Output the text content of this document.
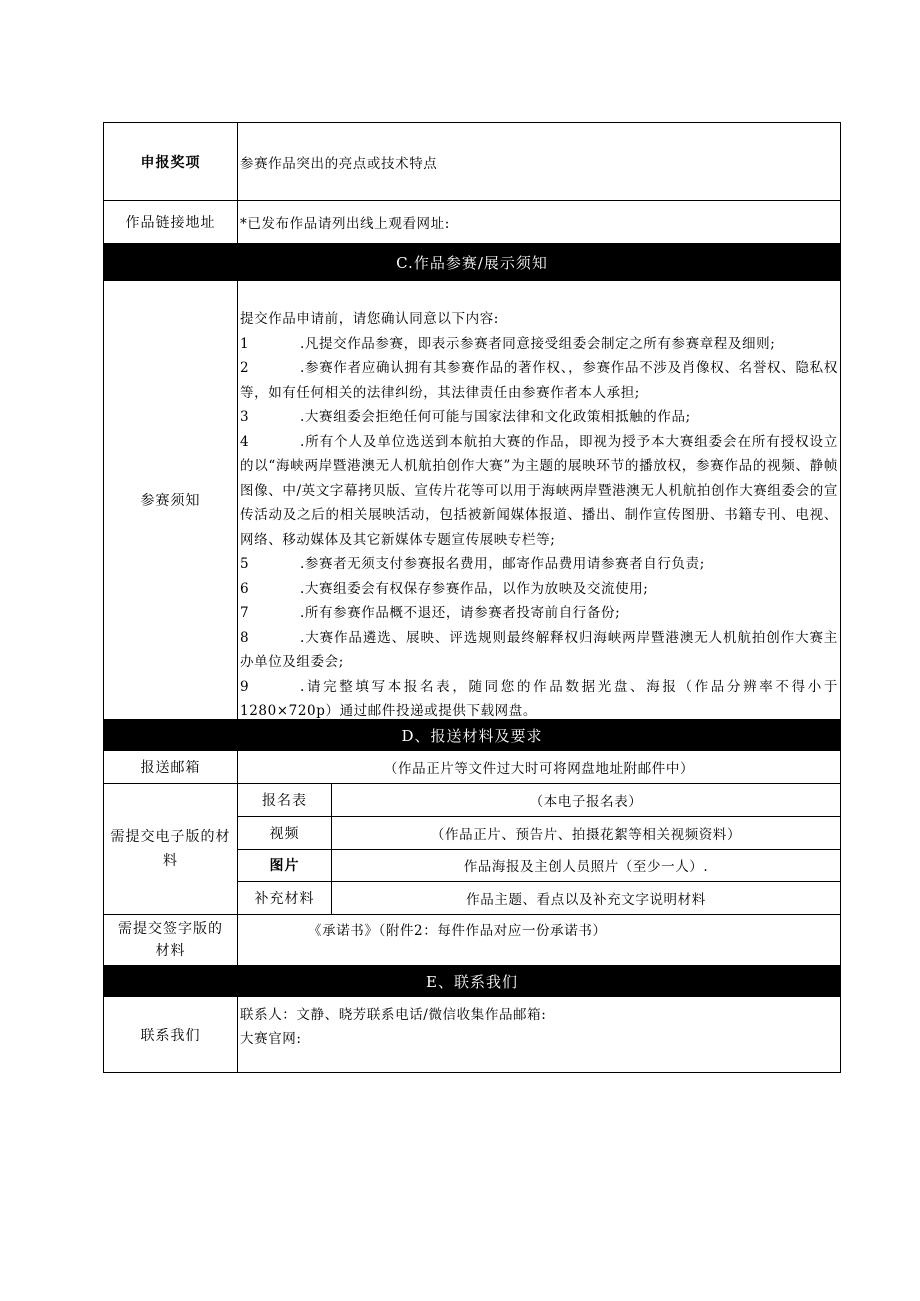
申报奖项	参赛作品突出的亮点或技术特点
作品链接地址	*已发布作品请列出线上观看网址:
C.作品参赛/展示须知
参赛须知

提交作品申请前，请您确认同意以下内容:

1	.凡提交作品参赛，即表示参赛者同意接受组委会制定之所有参赛章程及细则;

2	.参赛作者应确认拥有其参赛作品的著作权、，参赛作品不涉及肖像权、名誉权、隐私权等，如有任何相关的法律纠纷，其法律责任由参赛作者本人承担;

3	.大赛组委会拒绝任何可能与国家法律和文化政策相抵触的作品;

4	.所有个人及单位选送到本航拍大赛的作品，即视为授予本大赛组委会在所有授权设立的以“海峡两岸暨港澳无人机航拍创作大赛”为主题的展映环节的播放权，参赛作品的视频、静帧图像、中/英文字幕拷贝版、宣传片花等可以用于海峡两岸暨港澳无人机航拍创作大赛组委会的宣传活动及之后的相关展映活动，包括被新闻媒体报道、播出、制作宣传图册、书籍专刊、电视、网络、移动媒体及其它新媒体专题宣传展映专栏等;

5	.参赛者无须支付参赛报名费用，邮寄作品费用请参赛者自行负责;

6	.大赛组委会有权保存参赛作品，以作为放映及交流使用;

7	.所有参赛作品概不退还，请参赛者投寄前自行备份;

8	.大赛作品遴选、展映、评选规则最终解释权归海峡两岸暨港澳无人机航拍创作大赛主办单位及组委会;

9	.请完整填写本报名表，随同您的作品数据光盘、海报（作品分辨率不得小于1280×720p）通过邮件投递或提供下载网盘。

D、报送材料及要求
报送邮箱	（作品正片等文件过大时可将网盘地址附邮件中）
需提交电子版的材料
报名表	（本电子报名表）
视频	（作品正片、预告片、拍摄花絮等相关视频资料）
图片	作品海报及主创人员照片（至少一人）.
补充材料	作品主题、看点以及补充文字说明材料
需提交签字版的材料
《承诺书》（附件2：每件作品对应一份承诺书）
E、联系我们
联系我们

联系人：文静、晓芳联系电话/微信收集作品邮箱:

大赛官网:
